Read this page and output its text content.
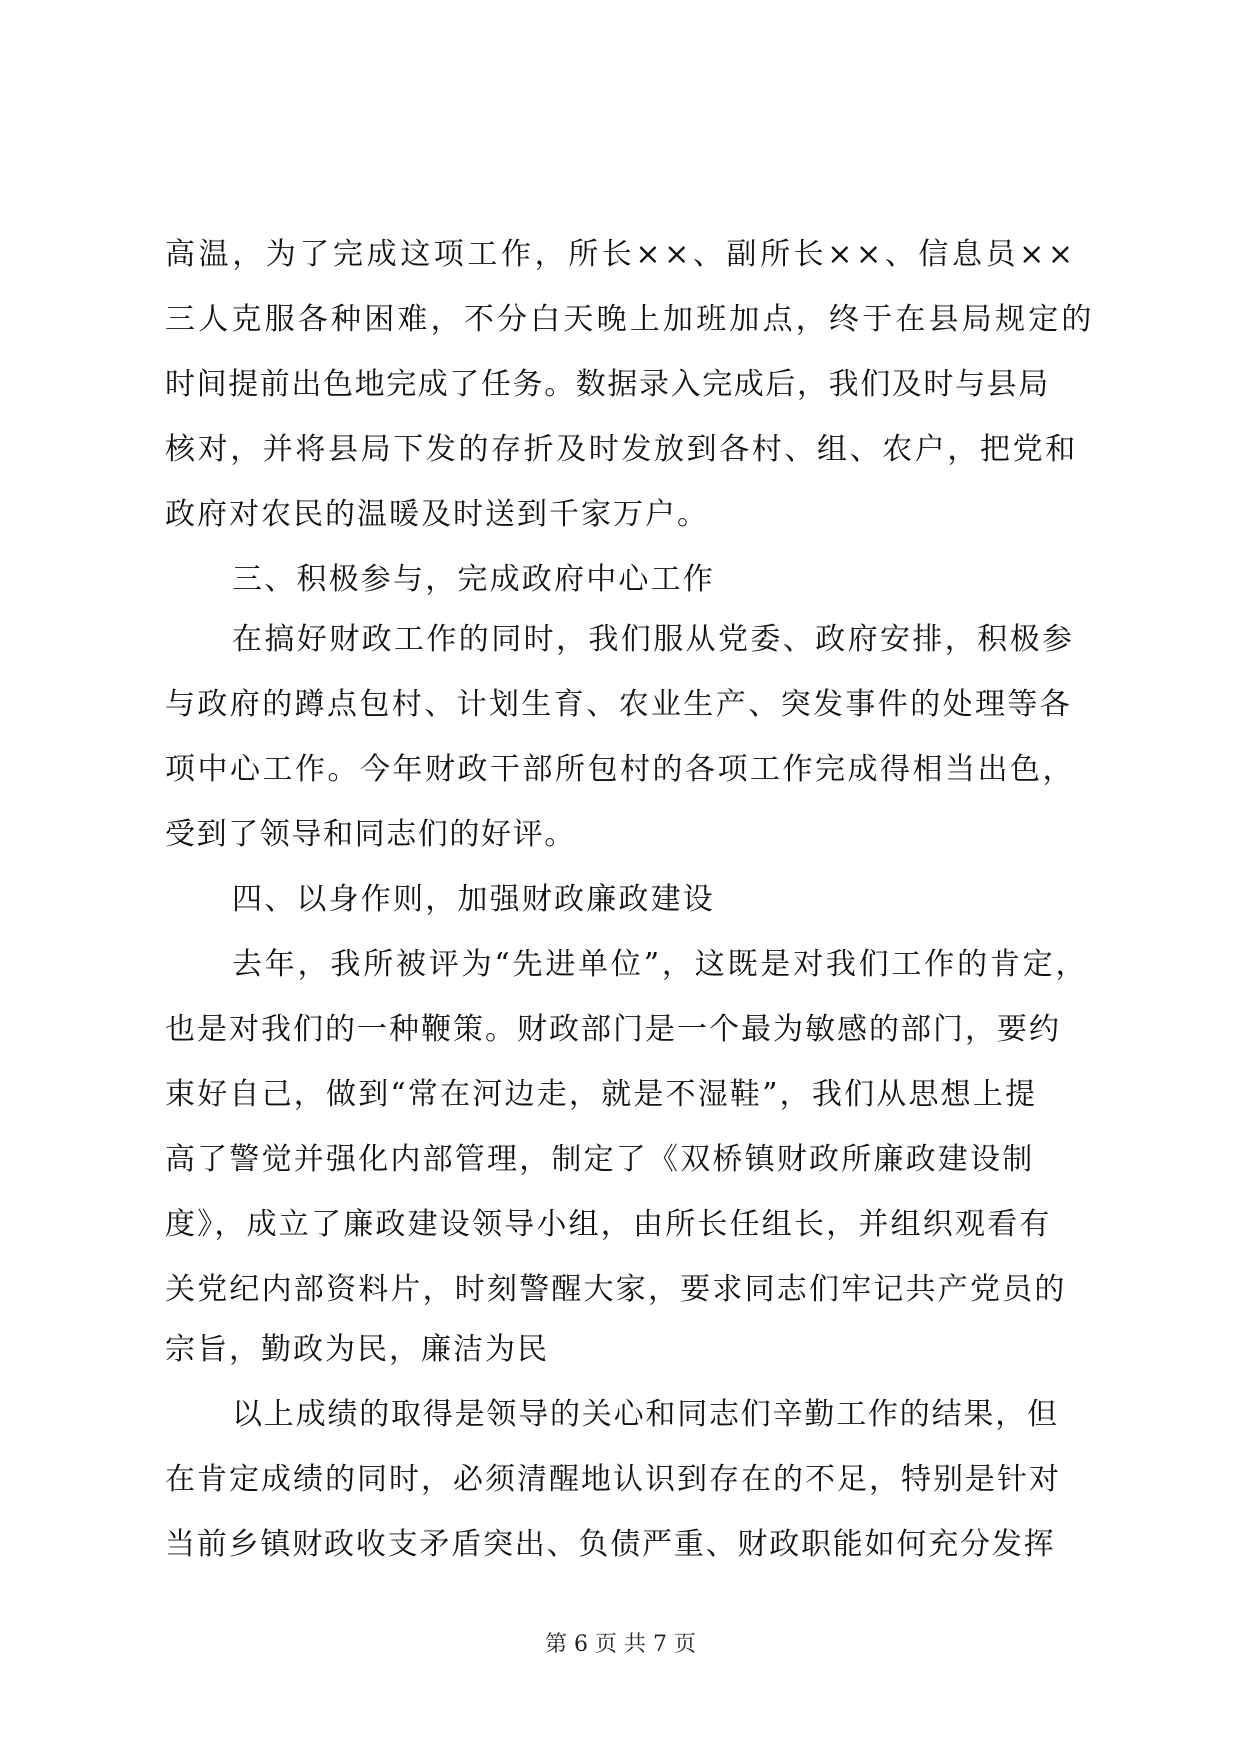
高温，为了完成这项工作，所长××、副所长××、信息员××
三人克服各种困难，不分白天晚上加班加点，终于在县局规定的
时间提前出色地完成了任务。数据录入完成后，我们及时与县局
核对，并将县局下发的存折及时发放到各村、组、农户，把党和
政府对农民的温暖及时送到千家万户。
三、积极参与，完成政府中心工作
在搞好财政工作的同时，我们服从党委、政府安排，积极参
与政府的蹲点包村、计划生育、农业生产、突发事件的处理等各
项中心工作。今年财政干部所包村的各项工作完成得相当出色，
受到了领导和同志们的好评。
四、以身作则，加强财政廉政建设
去年，我所被评为“先进单位”，这既是对我们工作的肯定，
也是对我们的一种鞭策。财政部门是一个最为敏感的部门，要约
束好自己，做到“常在河边走，就是不湿鞋”，我们从思想上提
高了警觉并强化内部管理，制定了《双桥镇财政所廉政建设制
度》，成立了廉政建设领导小组，由所长任组长，并组织观看有
关党纪内部资料片，时刻警醒大家，要求同志们牢记共产党员的
宗旨，勤政为民，廉洁为民
以上成绩的取得是领导的关心和同志们辛勤工作的结果，但
在肯定成绩的同时，必须清醒地认识到存在的不足，特别是针对
当前乡镇财政收支矛盾突出、负债严重、财政职能如何充分发挥
第 6 页 共 7 页
